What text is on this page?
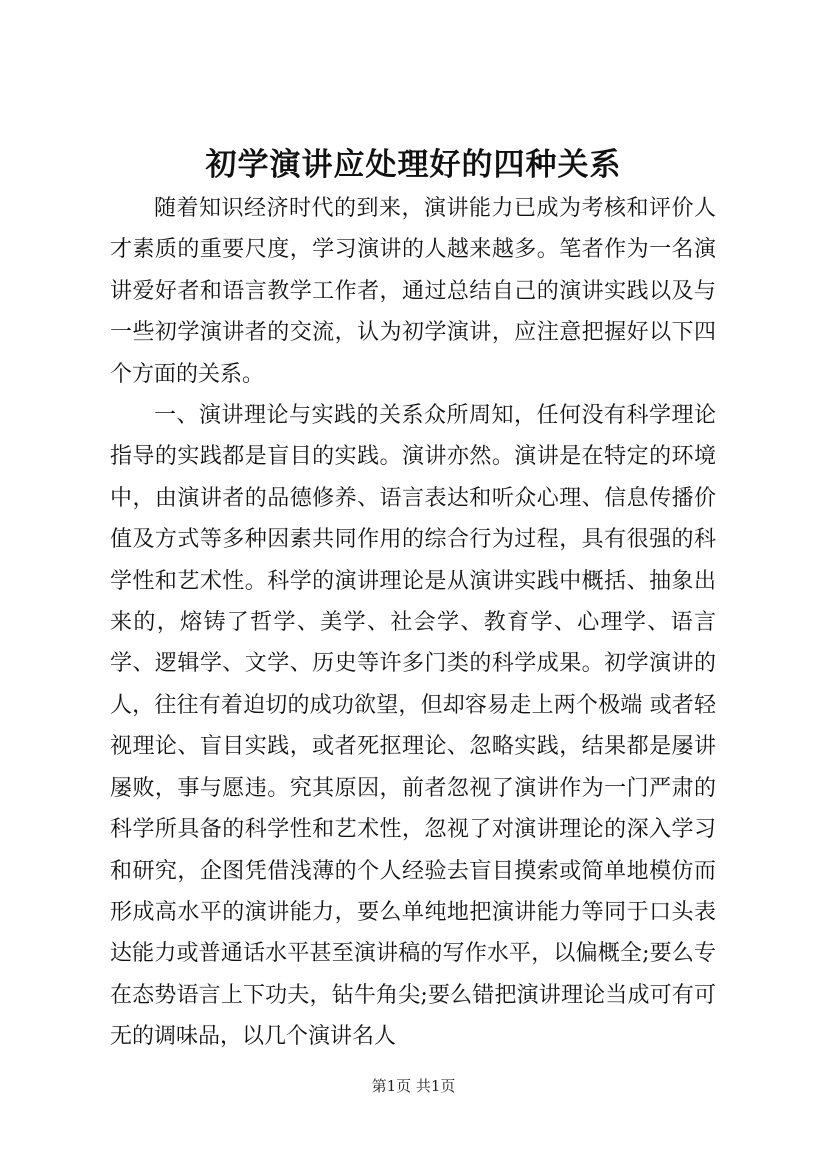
初学演讲应处理好的四种关系

随着知识经济时代的到来，演讲能力已成为考核和评价人才素质的重要尺度，学习演讲的人越来越多。笔者作为一名演讲爱好者和语言教学工作者，通过总结自己的演讲实践以及与一些初学演讲者的交流，认为初学演讲，应注意把握好以下四个方面的关系。

一、演讲理论与实践的关系众所周知，任何没有科学理论指导的实践都是盲目的实践。演讲亦然。演讲是在特定的环境中，由演讲者的品德修养、语言表达和听众心理、信息传播价值及方式等多种因素共同作用的综合行为过程，具有很强的科学性和艺术性。科学的演讲理论是从演讲实践中概括、抽象出来的，熔铸了哲学、美学、社会学、教育学、心理学、语言学、逻辑学、文学、历史等许多门类的科学成果。初学演讲的人，往往有着迫切的成功欲望，但却容易走上两个极端 或者轻视理论、盲目实践，或者死抠理论、忽略实践，结果都是屡讲屡败，事与愿违。究其原因，前者忽视了演讲作为一门严肃的科学所具备的科学性和艺术性，忽视了对演讲理论的深入学习和研究，企图凭借浅薄的个人经验去盲目摸索或简单地模仿而形成高水平的演讲能力，要么单纯地把演讲能力等同于口头表达能力或普通话水平甚至演讲稿的写作水平，以偏概全;要么专在态势语言上下功夫，钻牛角尖;要么错把演讲理论当成可有可无的调味品，以几个演讲名人

第1页 共1页
